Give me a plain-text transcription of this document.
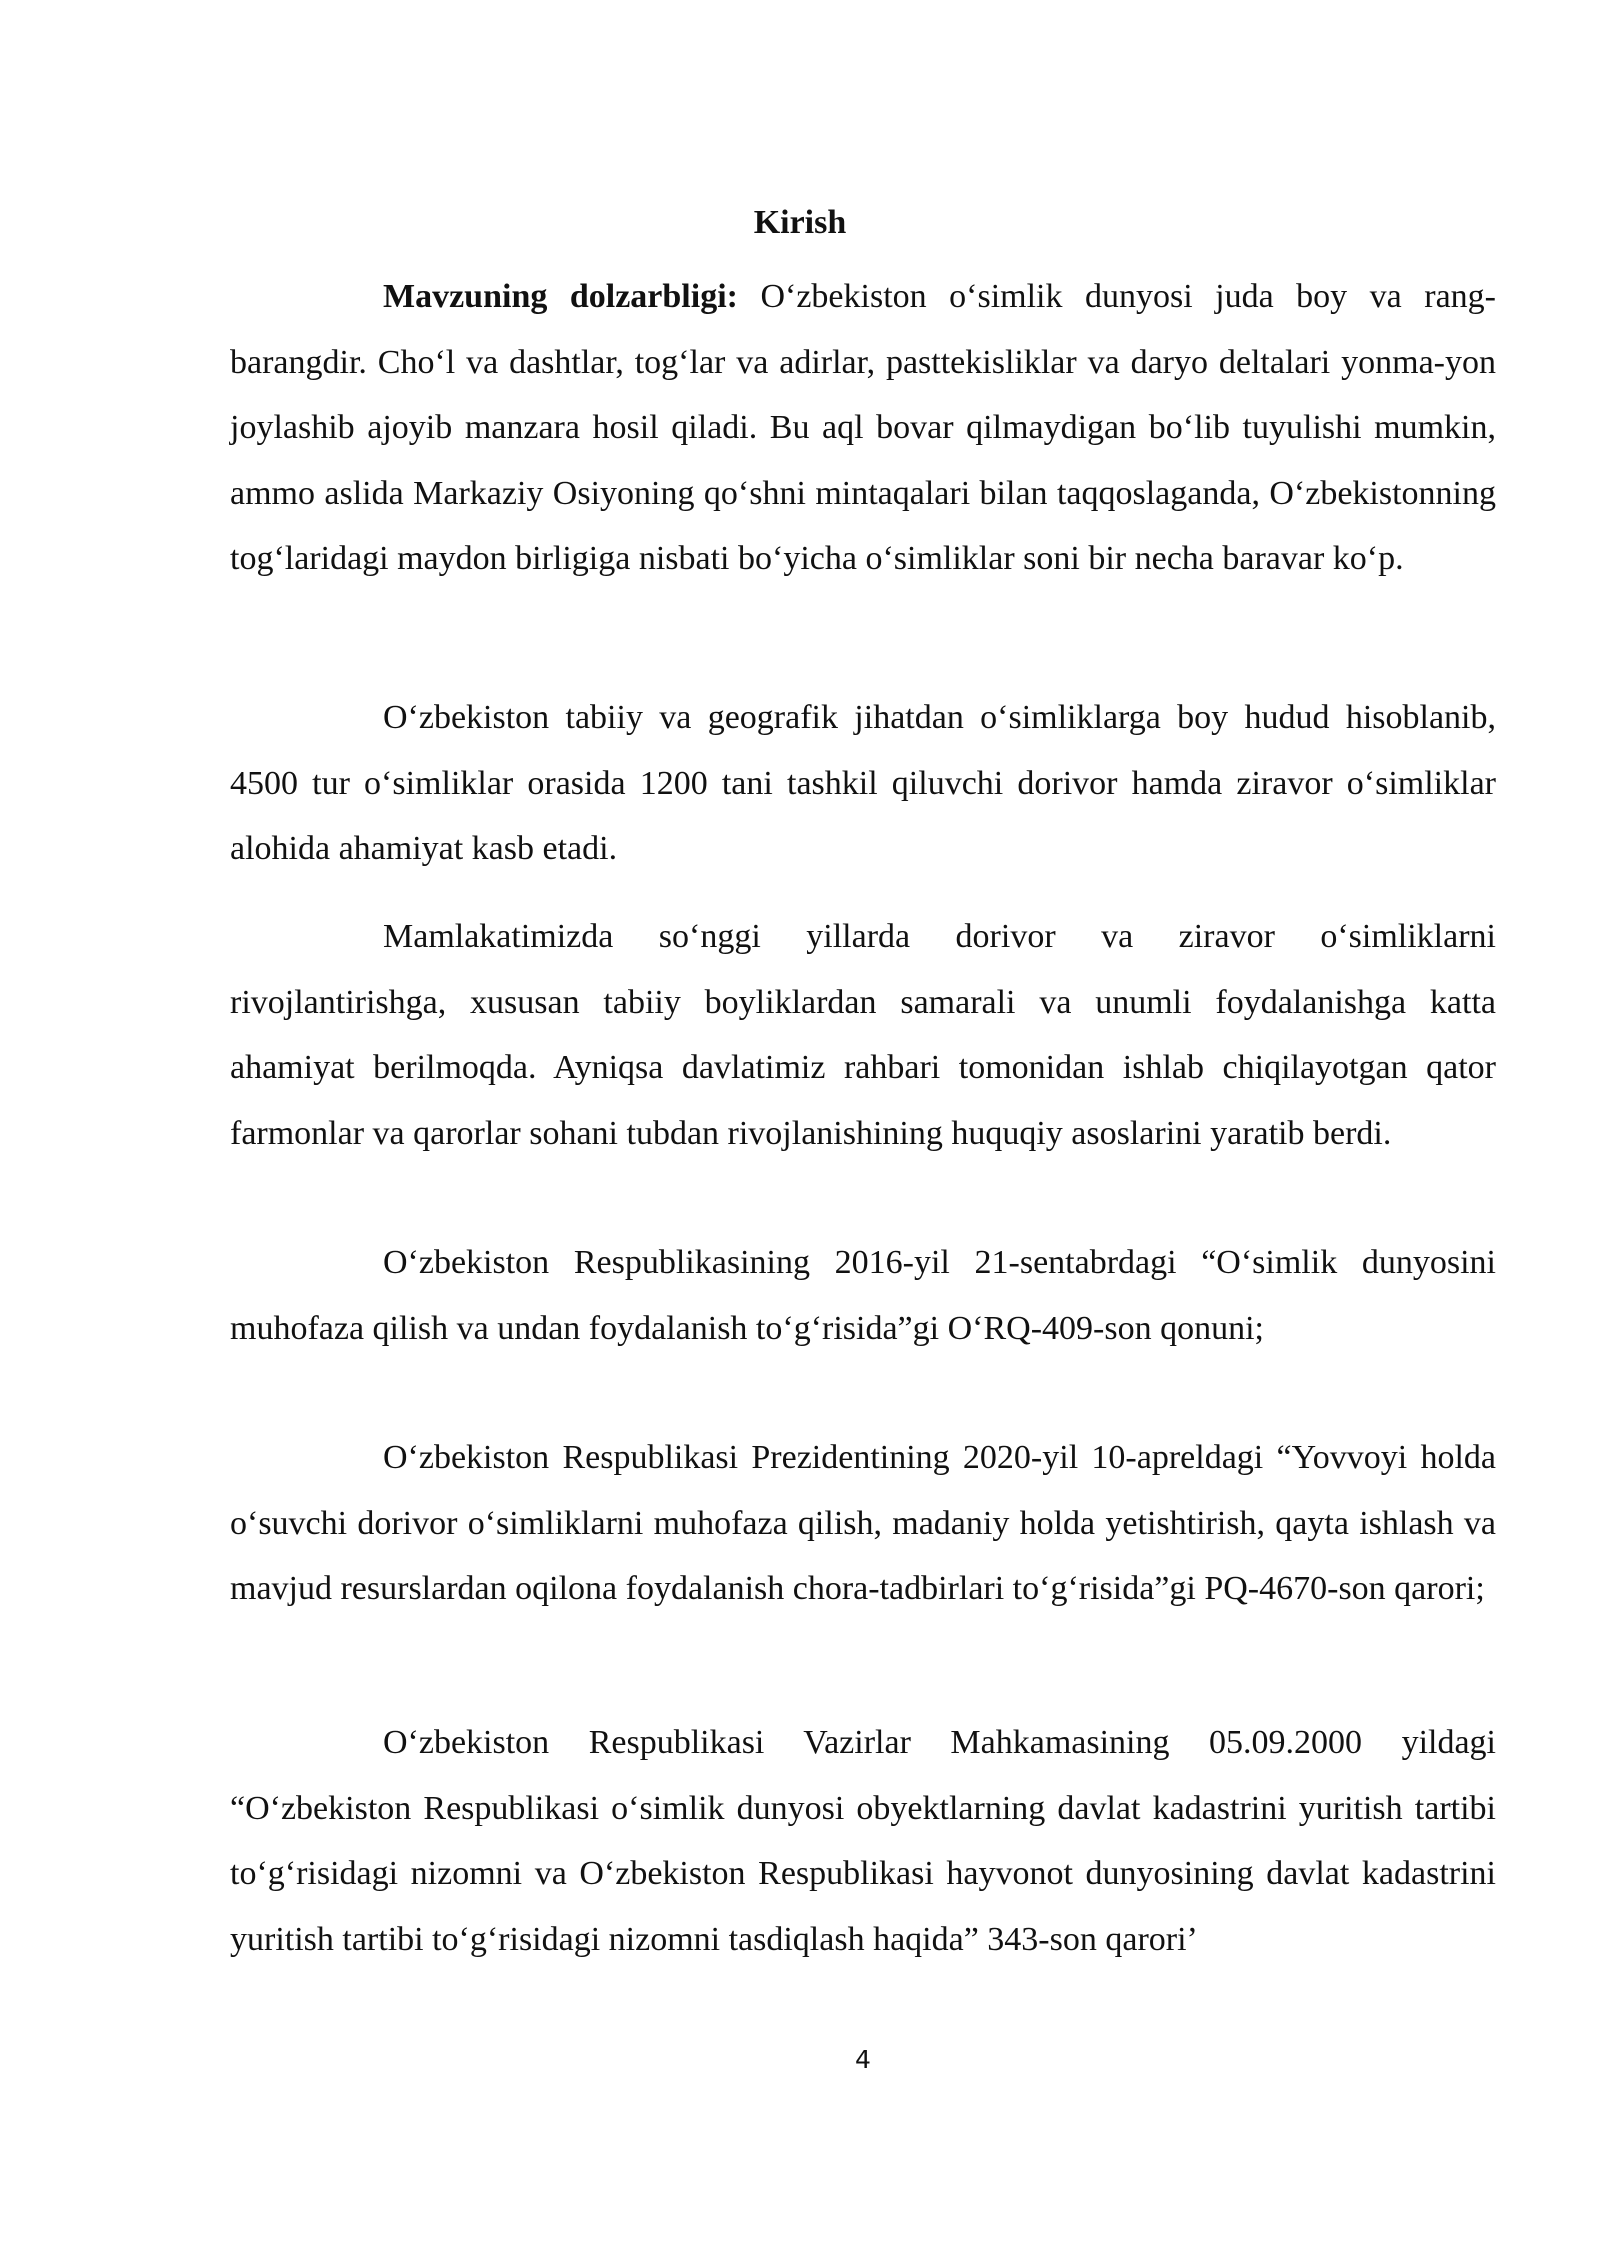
Kirish

Mavzuning dolzarbligi: O‘zbekiston o‘simlik dunyosi juda boy va rang-barangdir. Cho‘l va dashtlar, tog‘lar va adirlar, pasttekisliklar va daryo deltalari yonma-yon joylashib ajoyib manzara hosil qiladi. Bu aql bovar qilmaydigan bo‘lib tuyulishi mumkin, ammo aslida Markaziy Osiyoning qo‘shni mintaqalari bilan taqqoslaganda, O‘zbekistonning tog‘laridagi maydon birligiga nisbati bo‘yicha o‘simliklar soni bir necha baravar ko‘p.

O‘zbekiston tabiiy va geografik jihatdan o‘simliklarga boy hudud hisoblanib, 4500 tur o‘simliklar orasida 1200 tani tashkil qiluvchi dorivor hamda ziravor o‘simliklar alohida ahamiyat kasb etadi.

Mamlakatimizda so‘nggi yillarda dorivor va ziravor o‘simliklarni rivojlantirishga, xususan tabiiy boyliklardan samarali va unumli foydalanishga katta ahamiyat berilmoqda. Ayniqsa davlatimiz rahbari tomonidan ishlab chiqilayotgan qator farmonlar va qarorlar sohani tubdan rivojlanishining huquqiy asoslarini yaratib berdi.

O‘zbekiston Respublikasining 2016-yil 21-sentabrdagi “O‘simlik dunyosini muhofaza qilish va undan foydalanish to‘g‘risida”gi O‘RQ-409-son qonuni;

O‘zbekiston Respublikasi Prezidentining 2020-yil 10-apreldagi “Yovvoyi holda o‘suvchi dorivor o‘simliklarni muhofaza qilish, madaniy holda yetishtirish, qayta ishlash va mavjud resurslardan oqilona foydalanish chora-tadbirlari to‘g‘risida”gi PQ-4670-son qarori;

O‘zbekiston Respublikasi Vazirlar Mahkamasining 05.09.2000 yildagi “O‘zbekiston Respublikasi o‘simlik dunyosi obyektlarning davlat kadastrini yuritish tartibi to‘g‘risidagi nizomni va O‘zbekiston Respublikasi hayvonot dunyosining davlat kadastrini yuritish tartibi to‘g‘risidagi nizomni tasdiqlash haqida” 343-son qarori’

4
